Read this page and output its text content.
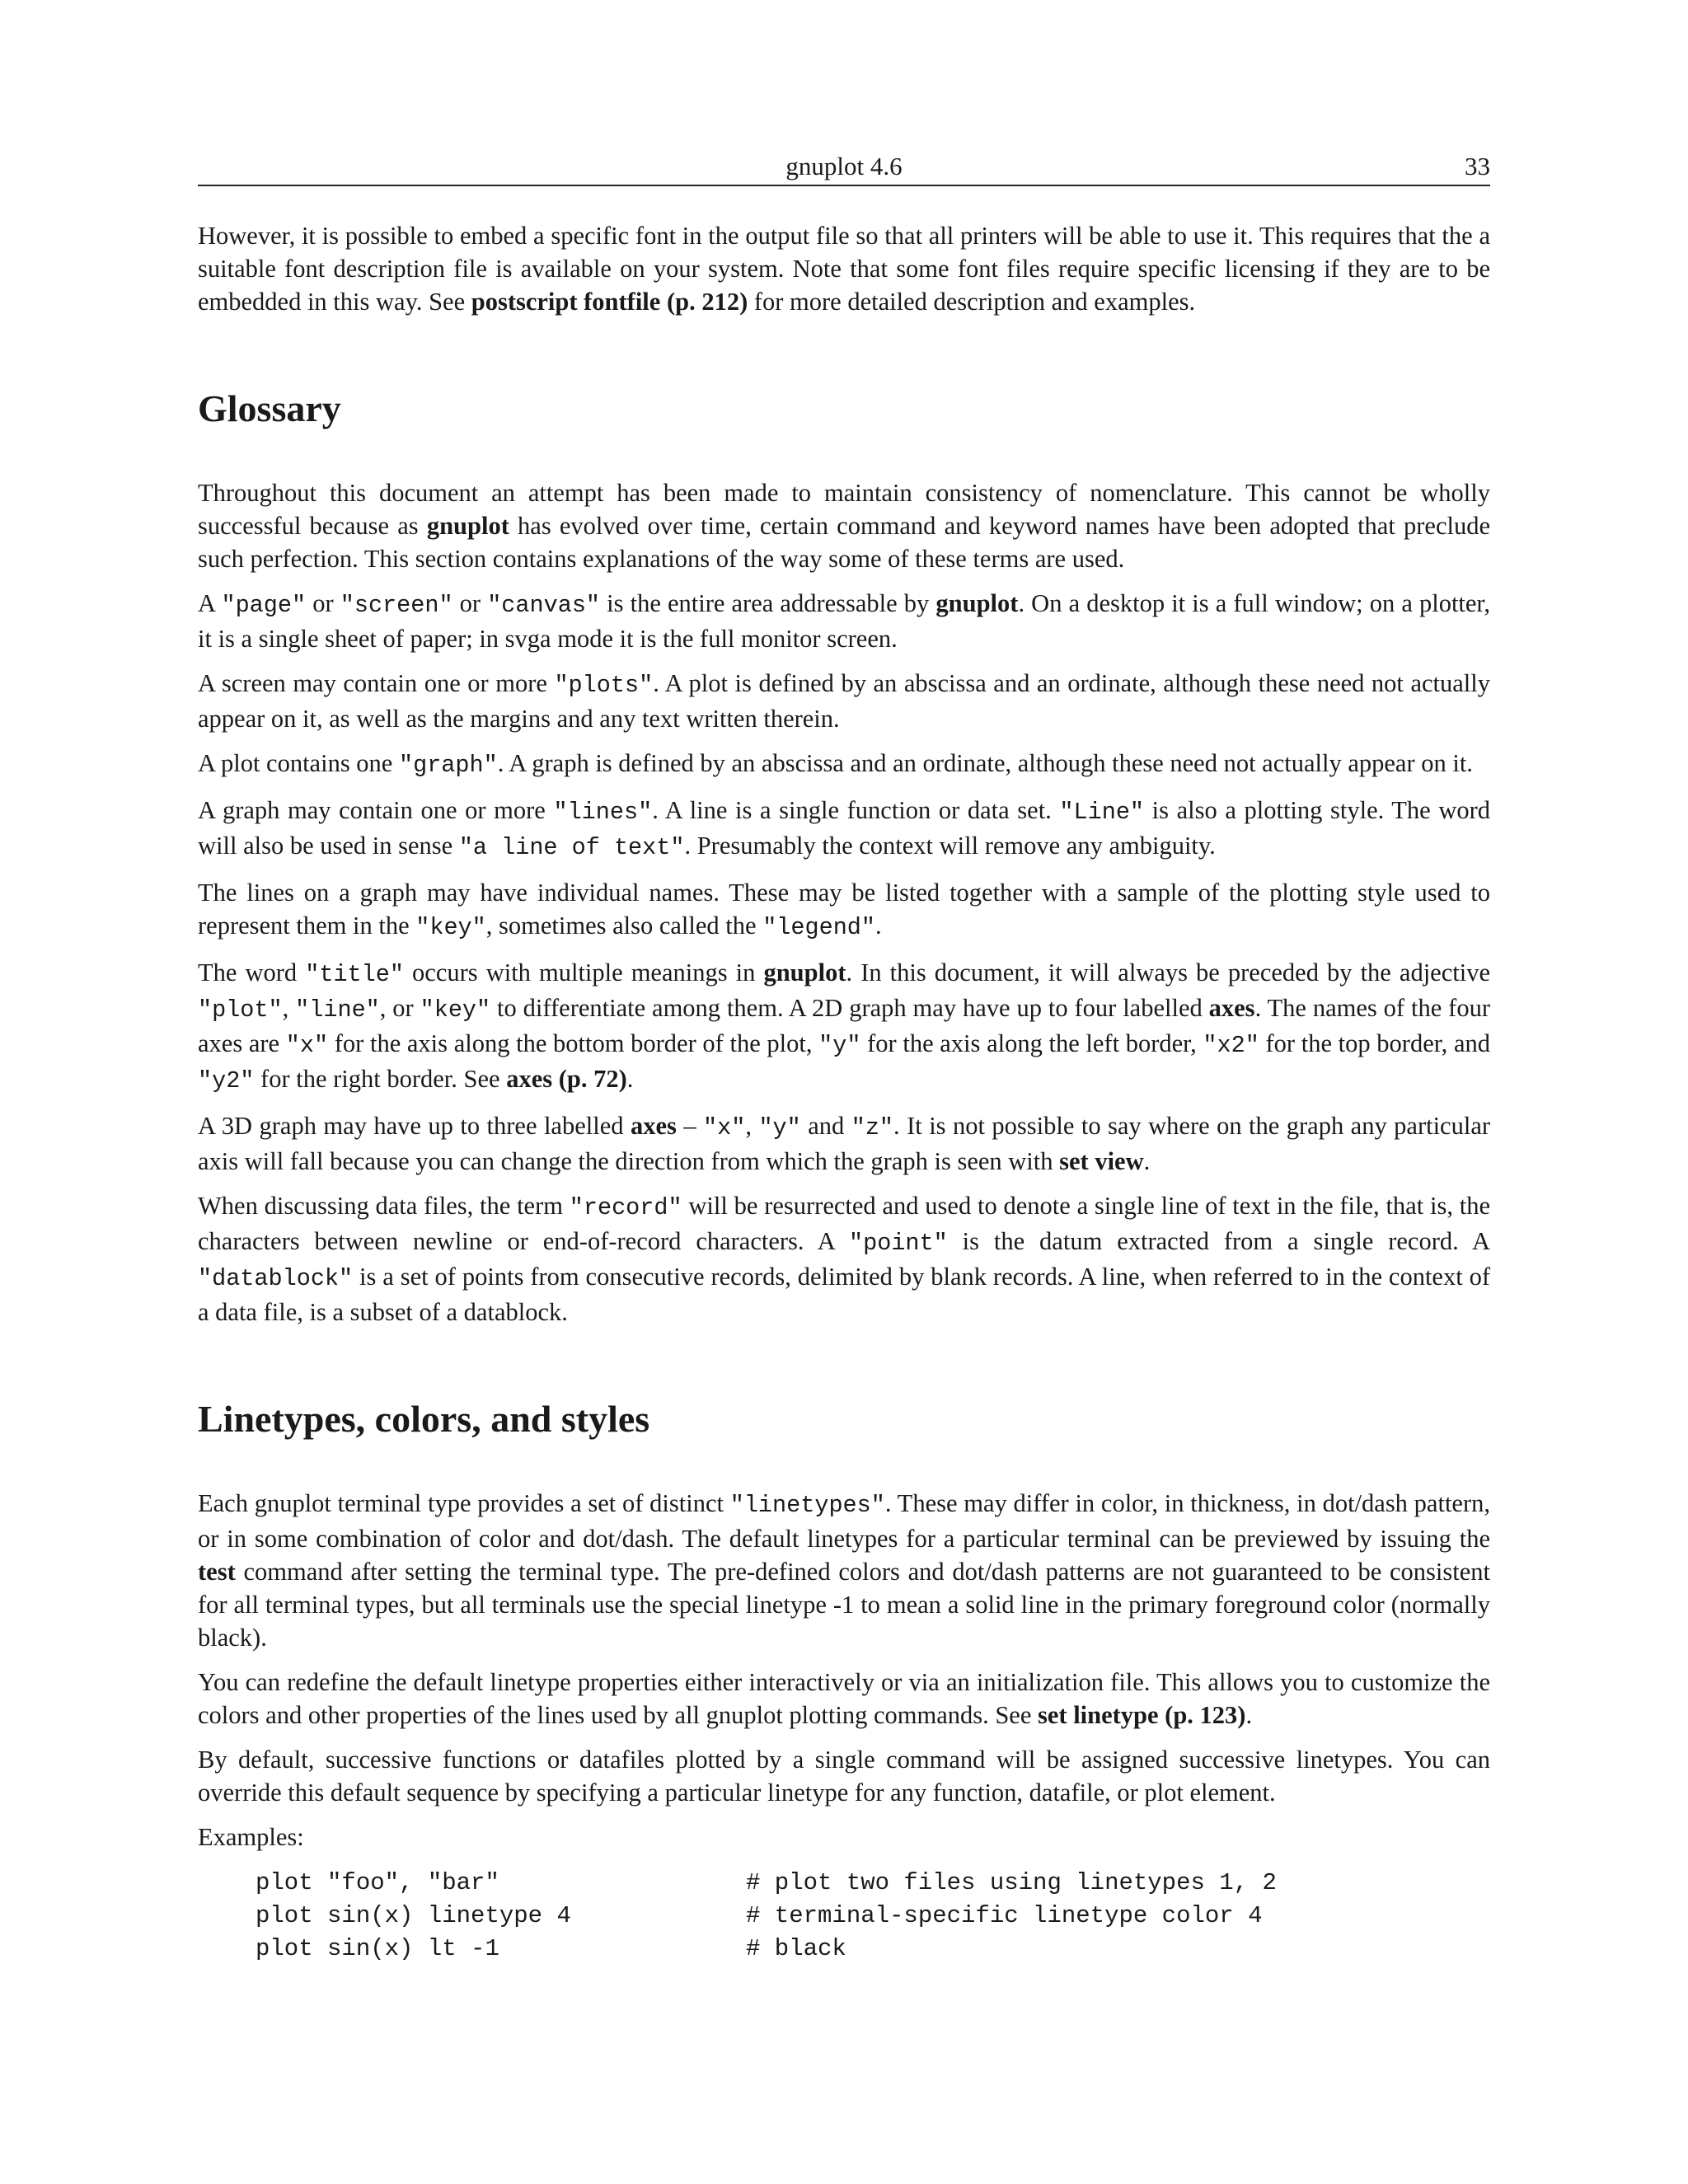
gnuplot 4.6	33

However, it is possible to embed a specific font in the output file so that all printers will be able to use it. This requires that the a suitable font description file is available on your system. Note that some font files require specific licensing if they are to be embedded in this way. See postscript fontfile (p. 212) for more detailed description and examples.

Glossary

Throughout this document an attempt has been made to maintain consistency of nomenclature. This cannot be wholly successful because as gnuplot has evolved over time, certain command and keyword names have been adopted that preclude such perfection. This section contains explanations of the way some of these terms are used.

A "page" or "screen" or "canvas" is the entire area addressable by gnuplot. On a desktop it is a full window; on a plotter, it is a single sheet of paper; in svga mode it is the full monitor screen.

A screen may contain one or more "plots". A plot is defined by an abscissa and an ordinate, although these need not actually appear on it, as well as the margins and any text written therein.

A plot contains one "graph". A graph is defined by an abscissa and an ordinate, although these need not actually appear on it.

A graph may contain one or more "lines". A line is a single function or data set. "Line" is also a plotting style. The word will also be used in sense "a line of text". Presumably the context will remove any ambiguity.

The lines on a graph may have individual names. These may be listed together with a sample of the plotting style used to represent them in the "key", sometimes also called the "legend".

The word "title" occurs with multiple meanings in gnuplot. In this document, it will always be preceded by the adjective "plot", "line", or "key" to differentiate among them. A 2D graph may have up to four labelled axes. The names of the four axes are "x" for the axis along the bottom border of the plot, "y" for the axis along the left border, "x2" for the top border, and "y2" for the right border. See axes (p. 72).

A 3D graph may have up to three labelled axes – "x", "y" and "z". It is not possible to say where on the graph any particular axis will fall because you can change the direction from which the graph is seen with set view.

When discussing data files, the term "record" will be resurrected and used to denote a single line of text in the file, that is, the characters between newline or end-of-record characters. A "point" is the datum extracted from a single record. A "datablock" is a set of points from consecutive records, delimited by blank records. A line, when referred to in the context of a data file, is a subset of a datablock.

Linetypes, colors, and styles

Each gnuplot terminal type provides a set of distinct "linetypes". These may differ in color, in thickness, in dot/dash pattern, or in some combination of color and dot/dash. The default linetypes for a particular terminal can be previewed by issuing the test command after setting the terminal type. The pre-defined colors and dot/dash patterns are not guaranteed to be consistent for all terminal types, but all terminals use the special linetype -1 to mean a solid line in the primary foreground color (normally black).

You can redefine the default linetype properties either interactively or via an initialization file. This allows you to customize the colors and other properties of the lines used by all gnuplot plotting commands. See set linetype (p. 123).

By default, successive functions or datafiles plotted by a single command will be assigned successive linetypes. You can override this default sequence by specifying a particular linetype for any function, datafile, or plot element.

Examples:

plot "foo", "bar"	# plot two files using linetypes 1, 2
plot sin(x) linetype 4	# terminal-specific linetype color 4
plot sin(x) lt -1	# black
